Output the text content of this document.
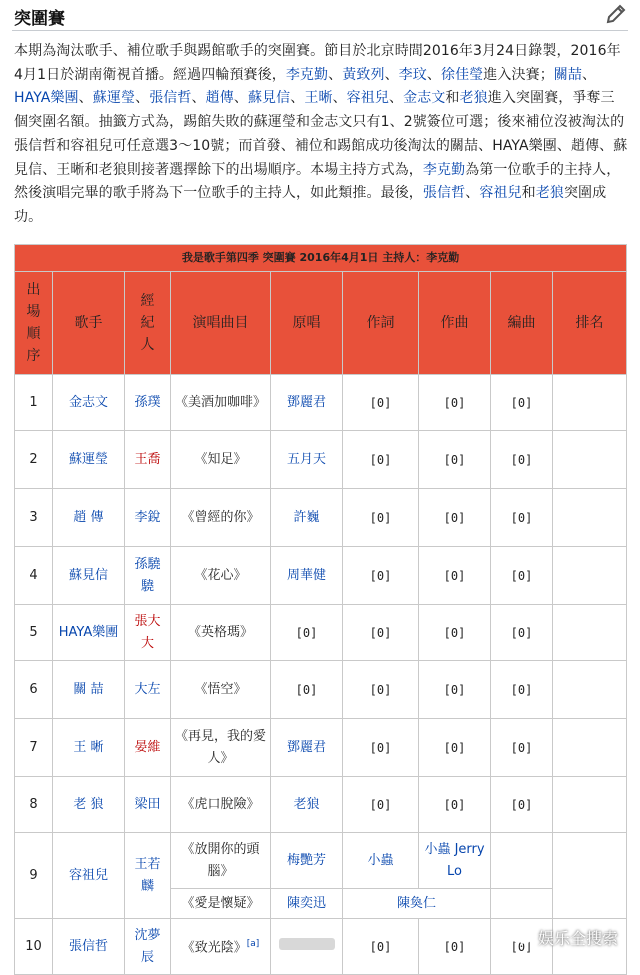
突圍賽
本期為淘汰歌手、補位歌手與踢館歌手的突圍賽。節目於北京時間2016年3月24日錄製，2016年4月1日於湖南衛視首播。經過四輪預賽後，李克勤、黃致列、李玟、徐佳瑩進入決賽；關喆、HAYA樂團、蘇運瑩、張信哲、趙傳、蘇見信、王晰、容祖兒、金志文和老狼進入突圍賽，爭奪三個突圍名額。抽籤方式為，踢館失敗的蘇運瑩和金志文只有1、2號簽位可選；後來補位沒被淘汰的張信哲和容祖兒可任意選3～10號；而首發、補位和踢館成功後淘汰的關喆、HAYA樂團、趙傳、蘇見信、王晰和老狼則接著選擇餘下的出場順序。本場主持方式為，李克勤為第一位歌手的主持人，然後演唱完畢的歌手將為下一位歌手的主持人，如此類推。最後，張信哲、容祖兒和老狼突圍成功。
我是歌手第四季 突圍賽 2016年4月1日 主持人：李克勤								
出場順序	歌手	經紀人	演唱曲目	原唱	作詞	作曲	編曲	排名
1	金志文	孫璞	《美酒加咖啡》	鄧麗君	[0]	[0]	[0]	
2	蘇運瑩	王喬	《知足》	五月天	[0]	[0]	[0]	
3	趙 傳	李銳	《曾經的你》	許巍	[0]	[0]	[0]	
4	蘇見信	孫驍驍	《花心》	周華健	[0]	[0]	[0]	
5	HAYA樂團	張大大	《英格瑪》	[0]	[0]	[0]	[0]	
6	關 喆	大左	《悟空》	[0]	[0]	[0]	[0]	
7	王 晰	晏維	《再見，我的愛人》	鄧麗君	[0]	[0]	[0]	
8	老 狼	梁田	《虎口脫險》	老狼	[0]	[0]	[0]	
9	容祖兒	王若麟	《放開你的頭腦》	梅艷芳	小蟲	小蟲 Jerry Lo		
			《愛是懷疑》	陳奕迅	陳奐仁			
10	張信哲	沈夢辰	《致光陰》[a]		[0]	[0]	[0]	娱乐全搜索
